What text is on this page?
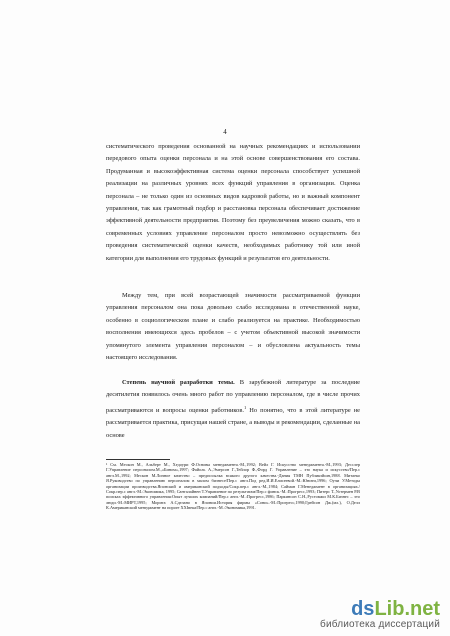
4

систематического проведения основанной на научных рекомендациях и использовании передового опыта оценки персонала и на этой основе совершенствования его состава. Продуманная и высокоэффективная система оценки персонала способствует успешной реализации на различных уровнях всех функций управления в организации. Оценка персонала – не только один из основных видов кадровой работы, но и важный компонент управления, так как грамотный подбор и расстановка персонала обеспечивает достижение эффективной деятельности предприятия. Поэтому без преувеличения можно сказать, что в современных условиях управление персоналом просто невозможно осуществлять без проведения систематической оценки качеств, необходимых работнику той или иной категории для выполнения его трудовых функций и результатов его деятельности.

Между тем, при всей возрастающей значимости рассматриваемой функции управления персоналом она пока довольно слабо исследована в отечественной науке, особенно в социологическом плане и слабо реализуется на практике. Необходимостью восполнения имеющихся здесь пробелов – с учетом объективной высокой значимости упомянутого элемента управления персоналом – и обусловлена актуальность темы настоящего исследования.

Степень научной разработки темы. В зарубежной литературе за последние десятилетия появилось очень много работ по управлению персоналом, где в числе прочих рассматриваются и вопросы оценки работников.$^1$ Но понятно, что в этой литературе не рассматривается практика, присущая нашей стране, а выводы и рекомендации, сделанные на основе

¹ См. Мескон М., Альберт М., Хедоури Ф.Основы менеджмента.-М.,1992; Вейл Г. Искусство менеджмента.-М.,1993; Десслер Г.Управление персоналом.М.,«Бином»,1997; Файоль А.,Эмерсон Г.,Тейлор Ф.,Форд Г. Управление – это наука и искусство/Пер.с англ.М.,1992; Мескон М.Личное качество – предпосылка всякого другого качества.-Дания ТМН Публикэйшн,1988. Митаеко Я.Руководство по управлению персоналом в малом бизнесе/Пер.с англ.Под ред.И.И.Елисеевой.-М.:Юнити,1996; Оучи У.Методы организации производства.Японский и американский подходы/Сокр.пер.с англ.-М.,1984; Сайман Г.Менеджмент в организациях./Сокр.пер.с англ.-М.:Экономика, 1995; Санталайнен Т.Управление по результатам/Пер.с финск.-М.:Прогресс,1993; Питерс Т.,Уотермен Р.В поисках эффективного управления:Опыт лучших компаний/Пер.с англ.-М.:Прогресс,1986; Паркинсон С.Н.,Рустомжи М.К.Бизнес – это люди.-М.:МИРТ,1995; Морита А.Сделано в Японии.История фирмы «Сони».-М.:Прогресс,1990;Грейсон Дж.(мл.), О.Делл К.Американский менеджмент на пороге XXIвека/Пер.с англ.-М.:Экономика,1991.
dsLib.net
библиотека диссертаций
